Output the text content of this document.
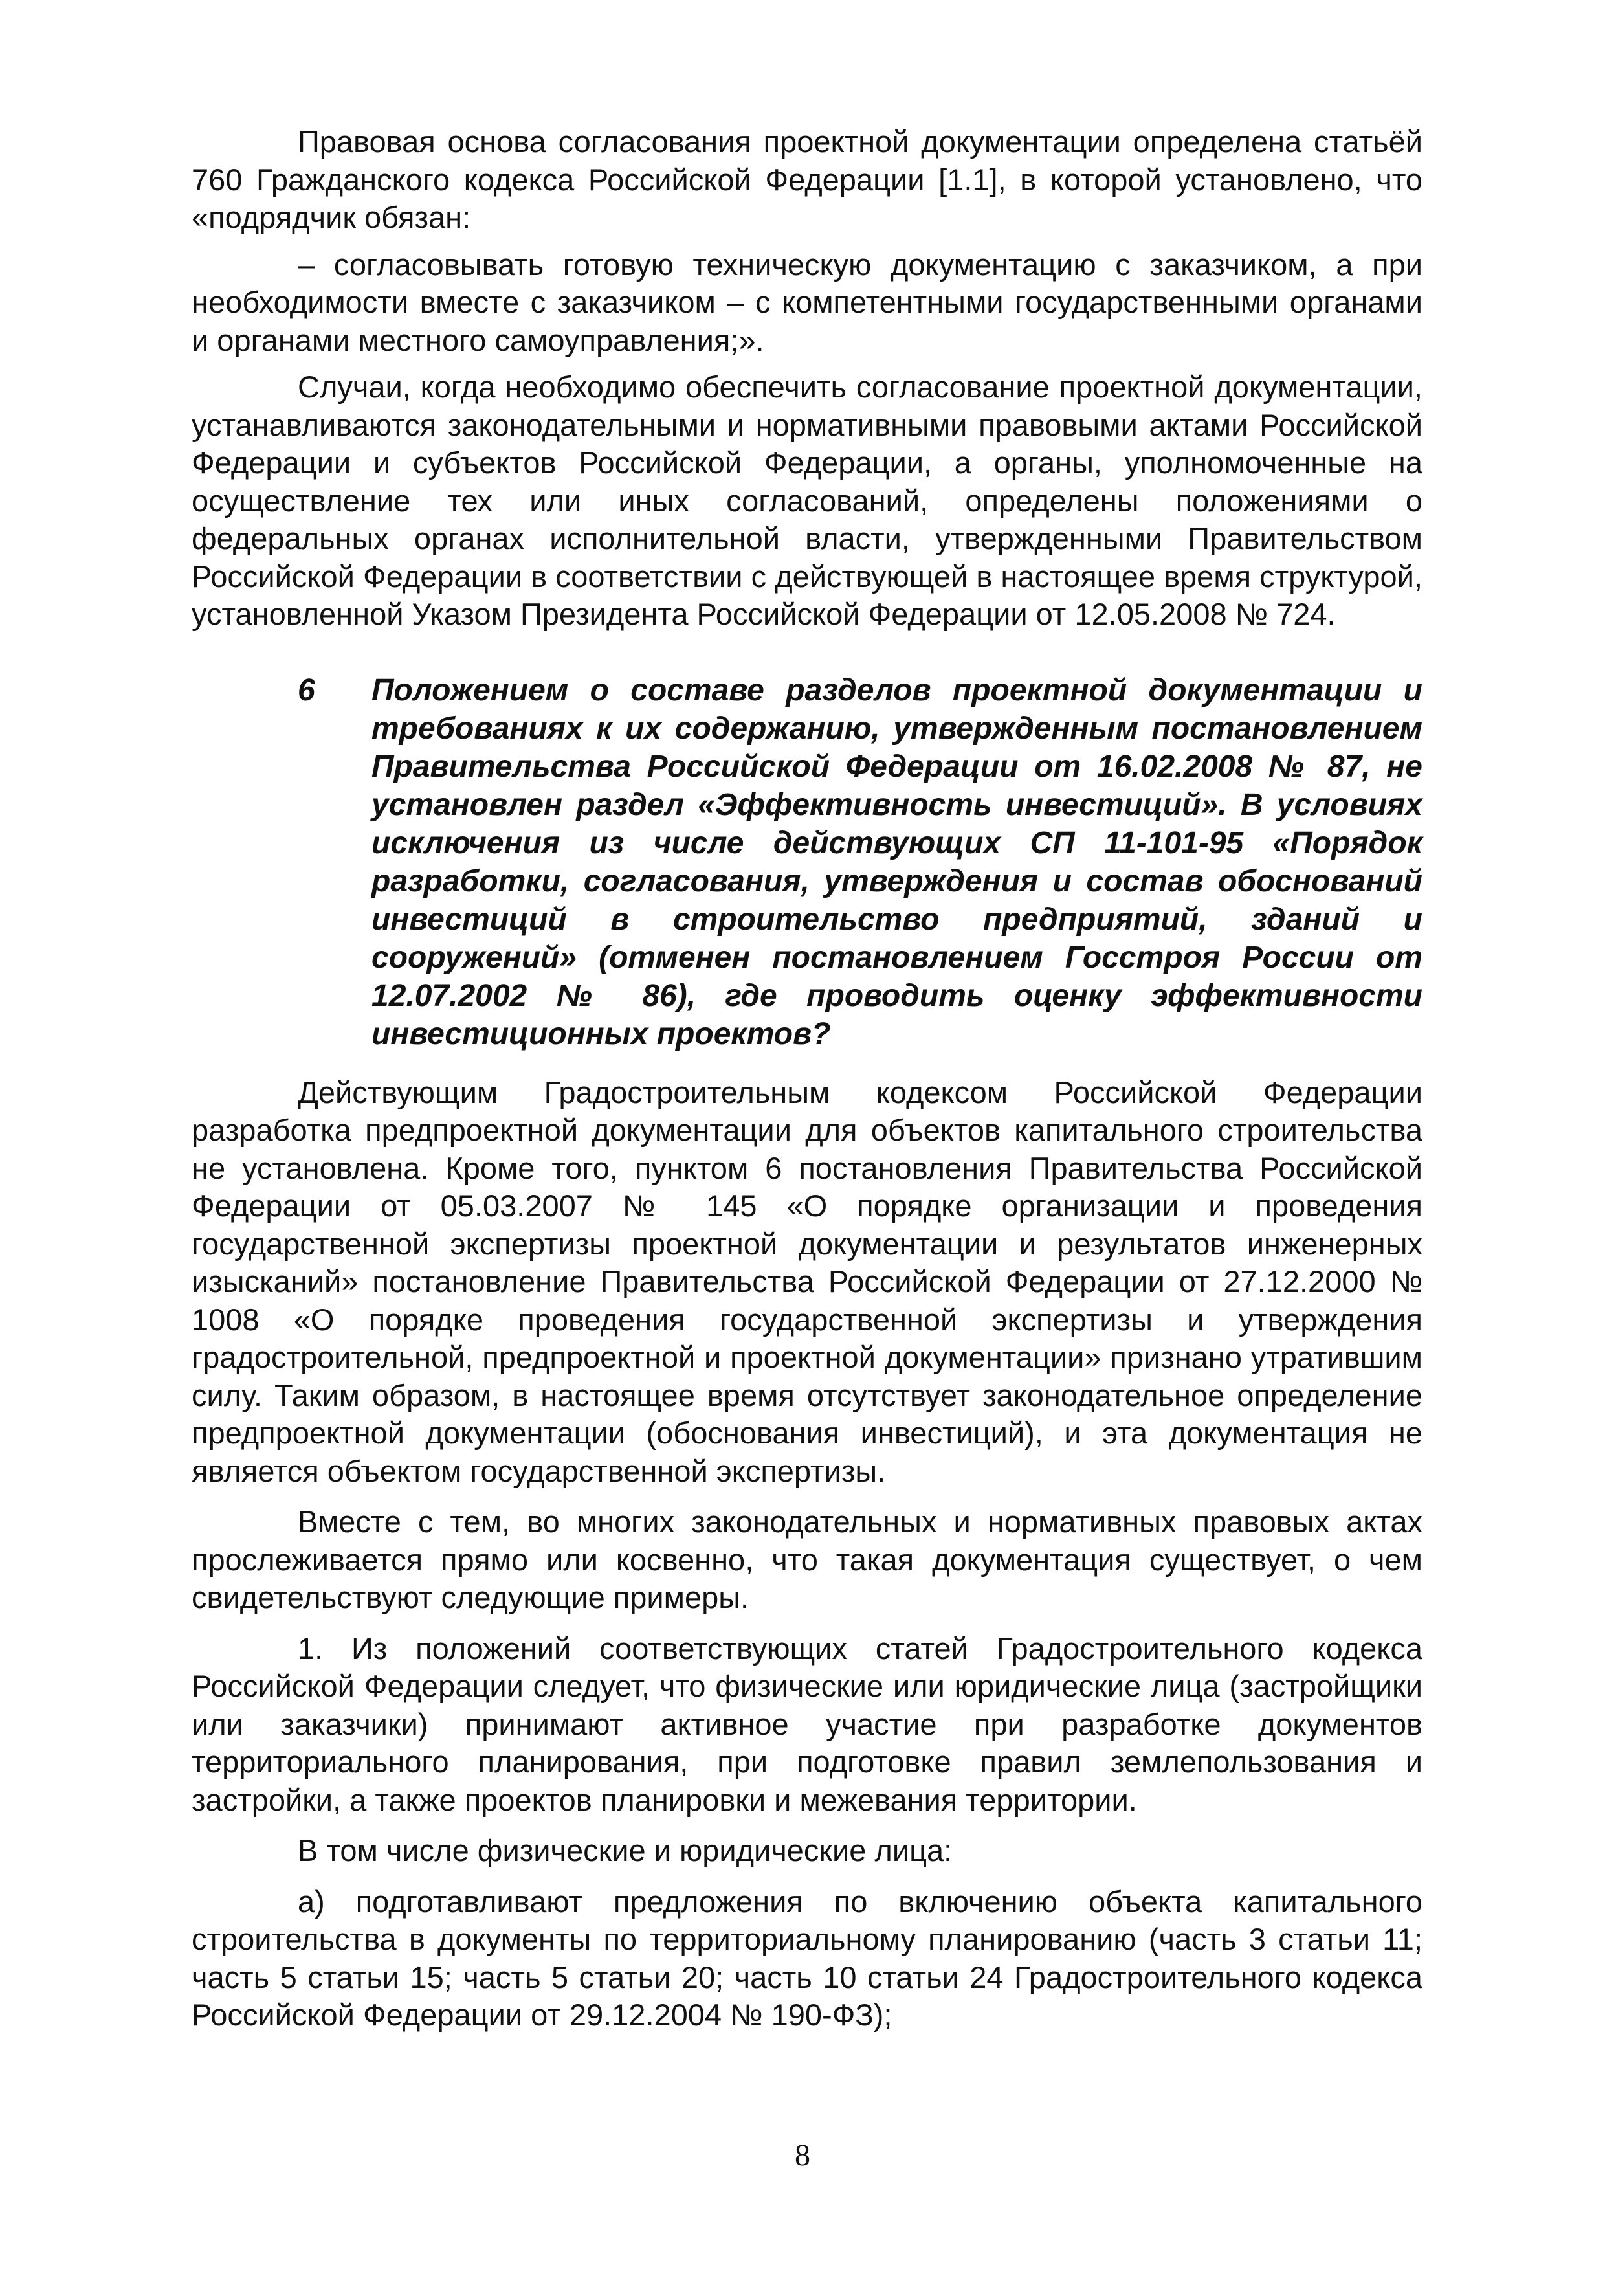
Правовая основа согласования проектной документации определена статьёй 760 Гражданского кодекса Российской Федерации [1.1], в которой установлено, что «подрядчик обязан:

– согласовывать готовую техническую документацию с заказчиком, а при необходимости вместе с заказчиком – с компетентными государственными органами и органами местного самоуправления;».

Случаи, когда необходимо обеспечить согласование проектной документации, устанавливаются законодательными и нормативными правовыми актами Российской Федерации и субъектов Российской Федерации, а органы, уполномоченные на осуществление тех или иных согласований, определены положениями о федеральных органах исполнительной власти, утвержденными Правительством Российской Федерации в соответствии с действующей в настоящее время структурой, установленной Указом Президента Российской Федерации от 12.05.2008 № 724.

6	Положением о составе разделов проектной документации и требованиях к их содержанию, утвержденным постановлением Правительства Российской Федерации от 16.02.2008 № 87, не установлен раздел «Эффективность инвестиций». В условиях исключения из числе действующих СП 11-101-95 «Порядок разработки, согласования, утверждения и состав обоснований инвестиций в строительство предприятий, зданий и сооружений» (отменен постановлением Госстроя России от 12.07.2002 № 86), где проводить оценку эффективности инвестиционных проектов?

Действующим Градостроительным кодексом Российской Федерации разработка предпроектной документации для объектов капитального строительства не установлена. Кроме того, пунктом 6 постановления Правительства Российской Федерации от 05.03.2007 № 145 «О порядке организации и проведения государственной экспертизы проектной документации и результатов инженерных изысканий» постановление Правительства Российской Федерации от 27.12.2000 № 1008 «О порядке проведения государственной экспертизы и утверждения градостроительной, предпроектной и проектной документации» признано утратившим силу. Таким образом, в настоящее время отсутствует законодательное определение предпроектной документации (обоснования инвестиций), и эта документация не является объектом государственной экспертизы.

Вместе с тем, во многих законодательных и нормативных правовых актах прослеживается прямо или косвенно, что такая документация существует, о чем свидетельствуют следующие примеры.

1. Из положений соответствующих статей Градостроительного кодекса Российской Федерации следует, что физические или юридические лица (застройщики или заказчики) принимают активное участие при разработке документов территориального планирования, при подготовке правил землепользования и застройки, а также проектов планировки и межевания территории.

В том числе физические и юридические лица:

а) подготавливают предложения по включению объекта капитального строительства в документы по территориальному планированию (часть 3 статьи 11; часть 5 статьи 15; часть 5 статьи 20; часть 10 статьи 24 Градостроительного кодекса Российской Федерации от 29.12.2004 № 190-ФЗ);

8
